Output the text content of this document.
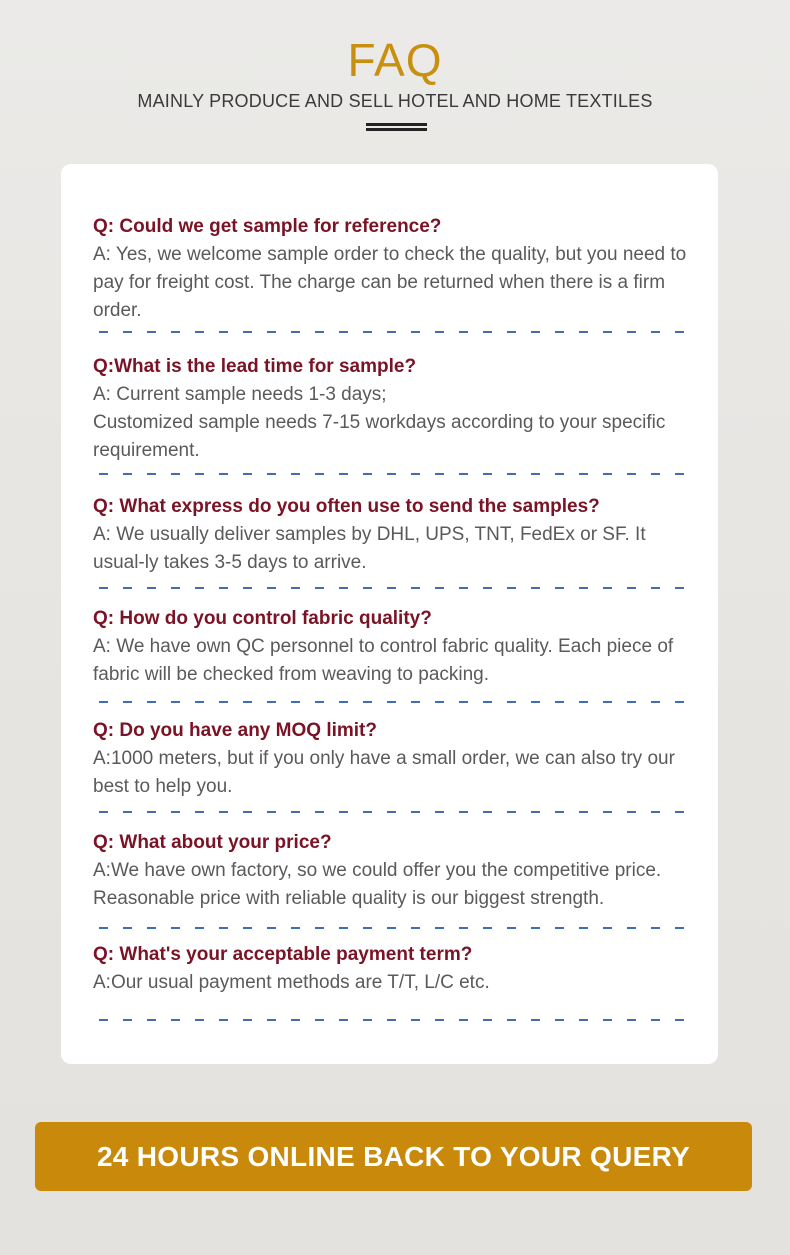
FAQ
MAINLY PRODUCE AND SELL HOTEL AND HOME TEXTILES
Q: Could we get sample for reference?

A: Yes, we welcome sample order to check the quality, but you need to pay for freight cost. The charge can be returned when there is a firm order.

Q:What is the lead time for sample?

A: Current sample needs 1-3 days;

Customized sample needs 7-15 workdays according to your specific requirement.

Q: What express do you often use to send the samples?

A: We usually deliver samples by DHL, UPS, TNT, FedEx or SF. It usual-ly takes 3-5 days to arrive.

Q: How do you control fabric quality?

A: We have own QC personnel to control fabric quality. Each piece of fabric will be checked from weaving to packing.

Q: Do you have any MOQ limit?

A:1000 meters, but if you only have a small order, we can also try our best to help you.

Q: What about your price?

A:We have own factory, so we could offer you the competitive price.

Reasonable price with reliable quality is our biggest strength.

Q: What's your acceptable payment term?

A:Our usual payment methods are T/T, L/C etc.

24 HOURS ONLINE BACK TO YOUR QUERY
